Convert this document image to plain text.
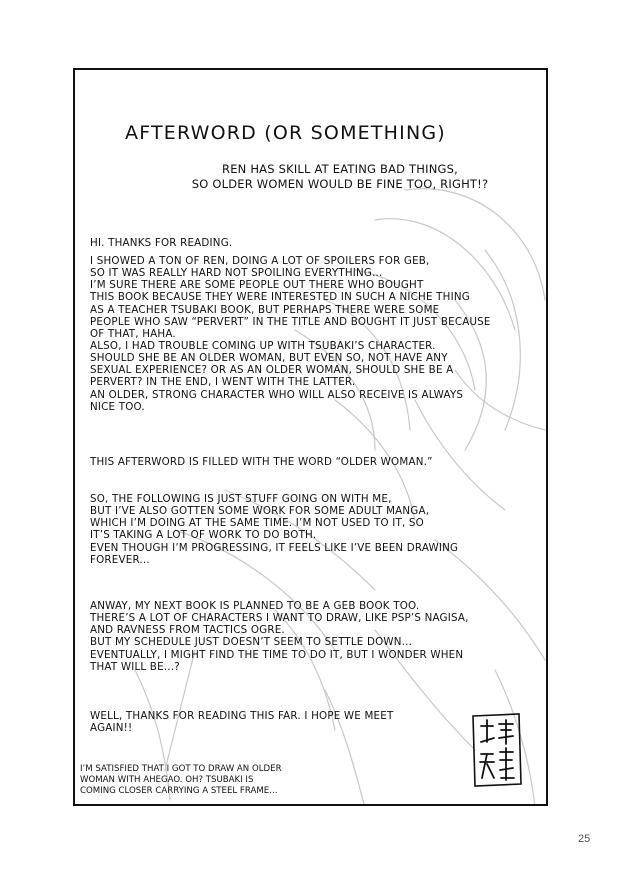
AFTERWORD (OR SOMETHING)
REN HAS SKILL AT EATING BAD THINGS,
SO OLDER WOMEN WOULD BE FINE TOO, RIGHT!?
HI. THANKS FOR READING.
I SHOWED A TON OF REN, DOING A LOT OF SPOILERS FOR GEB,
SO IT WAS REALLY HARD NOT SPOILING EVERYTHING...
I’M SURE THERE ARE SOME PEOPLE OUT THERE WHO BOUGHT
THIS BOOK BECAUSE THEY WERE INTERESTED IN SUCH A NICHE THING
AS A TEACHER TSUBAKI BOOK, BUT PERHAPS THERE WERE SOME
PEOPLE WHO SAW “PERVERT” IN THE TITLE AND BOUGHT IT JUST BECAUSE
OF THAT, HAHA.
ALSO, I HAD TROUBLE COMING UP WITH TSUBAKI’S CHARACTER.
SHOULD SHE BE AN OLDER WOMAN, BUT EVEN SO, NOT HAVE ANY
SEXUAL EXPERIENCE? OR AS AN OLDER WOMAN, SHOULD SHE BE A
PERVERT? IN THE END, I WENT WITH THE LATTER.
AN OLDER, STRONG CHARACTER WHO WILL ALSO RECEIVE IS ALWAYS
NICE TOO.
THIS AFTERWORD IS FILLED WITH THE WORD “OLDER WOMAN.”
SO, THE FOLLOWING IS JUST STUFF GOING ON WITH ME,
BUT I’VE ALSO GOTTEN SOME WORK FOR SOME ADULT MANGA,
WHICH I’M DOING AT THE SAME TIME. I’M NOT USED TO IT, SO
IT’S TAKING A LOT OF WORK TO DO BOTH.
EVEN THOUGH I’M PROGRESSING, IT FEELS LIKE I’VE BEEN DRAWING
FOREVER...
ANWAY, MY NEXT BOOK IS PLANNED TO BE A GEB BOOK TOO.
THERE’S A LOT OF CHARACTERS I WANT TO DRAW, LIKE PSP’S NAGISA,
AND RAVNESS FROM TACTICS OGRE.
BUT MY SCHEDULE JUST DOESN’T SEEM TO SETTLE DOWN...
EVENTUALLY, I MIGHT FIND THE TIME TO DO IT, BUT I WONDER WHEN
THAT WILL BE...?
WELL, THANKS FOR READING THIS FAR. I HOPE WE MEET
AGAIN!!
I’M SATISFIED THAT I GOT TO DRAW AN OLDER
WOMAN WITH AHEGAO. OH? TSUBAKI IS
COMING CLOSER CARRYING A STEEL FRAME...
25
